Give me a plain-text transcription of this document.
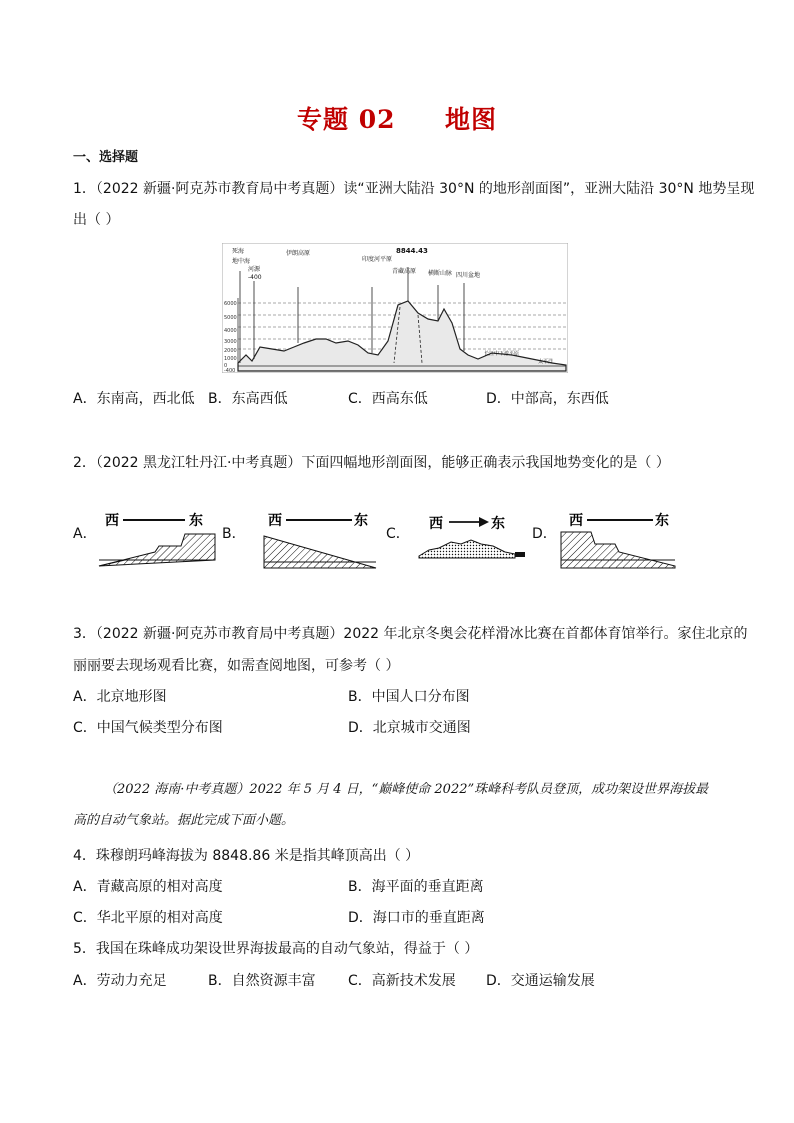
专题 02 地图
一、选择题
1．（2022 新疆·阿克苏市教育局中考真题）读“亚洲大陆沿 30°N 的地形剖面图”，亚洲大陆沿 30°N 地势呈现
出（ ）
6000
5000
4000
3000
2000
1000
0
-400
死海
地中海
河源
-400
伊朗高原
印度河平原
8844.43
青藏高原 横断山脉 四川盆地
长江中下游平原
太平洋
A．东南高，西北低 B．东高西低	C．西高东低	D．中部高，东西低
2．（2022 黑龙江牡丹江·中考真题）下面四幅地形剖面图，能够正确表示我国地势变化的是（ ）
A．
西	东
B．
西	东
C．
西	东
D．
西	东
3．（2022 新疆·阿克苏市教育局中考真题）2022 年北京冬奥会花样滑冰比赛在首都体育馆举行。家住北京的
丽丽要去现场观看比赛，如需查阅地图，可参考（ ）
A．北京地形图	B．中国人口分布图
C．中国气候类型分布图	D．北京城市交通图
（2022 海南·中考真题）2022 年 5 月 4 日，“巅峰使命 2022”珠峰科考队员登顶，成功架设世界海拔最
高的自动气象站。据此完成下面小题。
4．珠穆朗玛峰海拔为 8848.86 米是指其峰顶高出（ ）
A．青藏高原的相对高度	B．海平面的垂直距离
C．华北平原的相对高度	D．海口市的垂直距离
5．我国在珠峰成功架设世界海拔最高的自动气象站，得益于（ ）
A．劳动力充足	B．自然资源丰富 C．高新技术发展 D．交通运输发展
